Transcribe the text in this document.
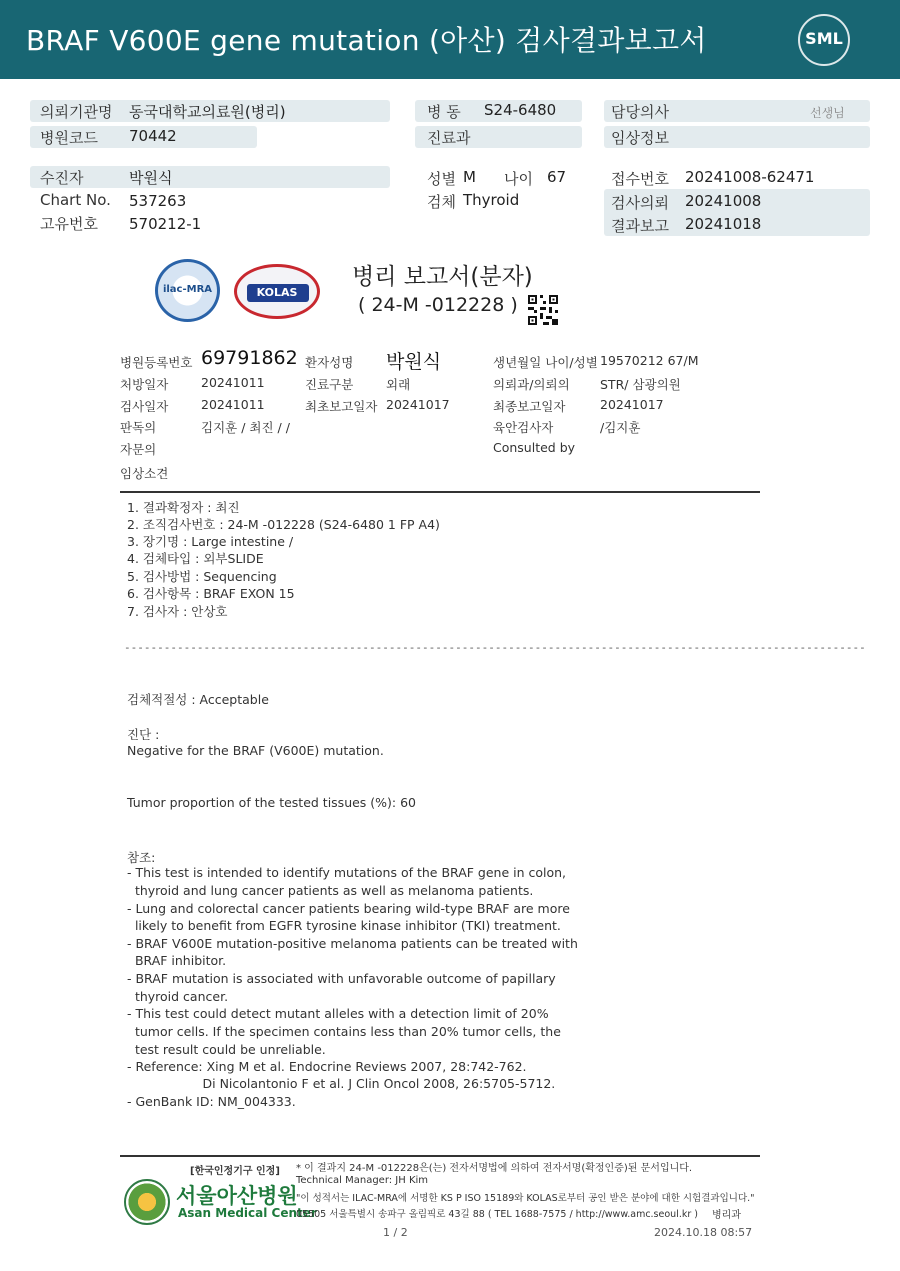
BRAF V600E gene mutation (아산) 검사결과보고서	SML
의뢰기관명 동국대학교의료원(병리)
병원코드 70442
병 동 S24-6480
진료과
담당의사	선생님
임상정보
수진자	박원식
Chart No. 537263
고유번호 570212-1
성별 M 나이 67
검체 Thyroid
접수번호 20241008-62471
검사의뢰 20241008
결과보고 20241018
ilac-MRA	KOLAS
병리 보고서(분자)
( 24-M -012228 )
병원등록번호 69791862 환자성명 박원식	생년월일 나이/성별 19570212 67/M
처방일자	20241011	진료구분	외래	의뢰과/의뢰의 STR/ 삼광의원
검사일자	20241011	최초보고일자 20241017	최종보고일자	20241017
판독의	김지훈 / 최진 / /	육안검사자	/김지훈
자문의	Consulted by
임상소견
1. 결과확정자 : 최진
2. 조직검사번호 : 24-M -012228 (S24-6480 1 FP A4)
3. 장기명 : Large intestine /
4. 검체타입 : 외부SLIDE
5. 검사방법 : Sequencing
6. 검사항목 : BRAF EXON 15
7. 검사자 : 안상호
----------------------------------------------------------------------------------------------------------------
검체적절성 : Acceptable
진단 :
Negative for the BRAF (V600E) mutation.
Tumor proportion of the tested tissues (%): 60
참조:
- This test is intended to identify mutations of the BRAF gene in colon,
thyroid and lung cancer patients as well as melanoma patients.
- Lung and colorectal cancer patients bearing wild-type BRAF are more
likely to benefit from EGFR tyrosine kinase inhibitor (TKI) treatment.
- BRAF V600E mutation-positive melanoma patients can be treated with
BRAF inhibitor.
- BRAF mutation is associated with unfavorable outcome of papillary
thyroid cancer.
- This test could detect mutant alleles with a detection limit of 20%
tumor cells. If the specimen contains less than 20% tumor cells, the
test result could be unreliable.
- Reference: Xing M et al. Endocrine Reviews 2007, 28:742-762.
Di Nicolantonio F et al. J Clin Oncol 2008, 26:5705-5712.
- GenBank ID: NM_004333.
[한국인정기구 인정]
서울아산병원
Asan Medical Center
* 이 결과지 24-M -012228은(는) 전자서명법에 의하여 전자서명(확정인증)된 문서입니다.
Technical Manager: JH Kim
"이 성적서는 ILAC-MRA에 서명한 KS P ISO 15189와 KOLAS로부터 공인 받은 분야에 대한 시험결과입니다."
05505 서울특별시 송파구 올림픽로 43길 88 ( TEL 1688-7575 / http://www.amc.seoul.kr ) 병리과
1 / 2	2024.10.18 08:57
